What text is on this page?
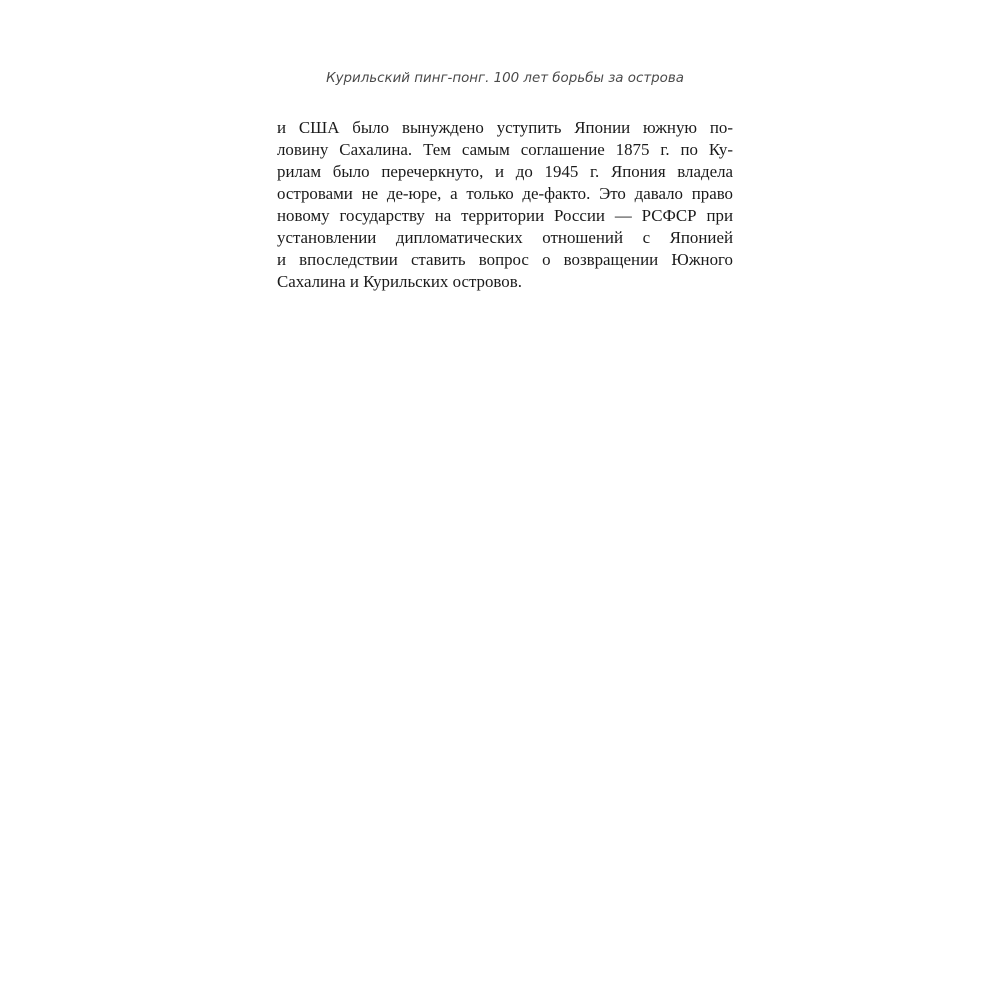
Курильский пинг-понг. 100 лет борьбы за острова

и США было вынуждено уступить Японии южную по-
ловину Сахалина. Тем самым соглашение 1875 г. по Ку-
рилам было перечеркнуто, и до 1945 г. Япония владела
островами не де-юре, а только де-факто. Это давало право
новому государству на территории России — РСФСР при
установлении дипломатических отношений с Японией
и впоследствии ставить вопрос о возвращении Южного
Сахалина и Курильских островов.
